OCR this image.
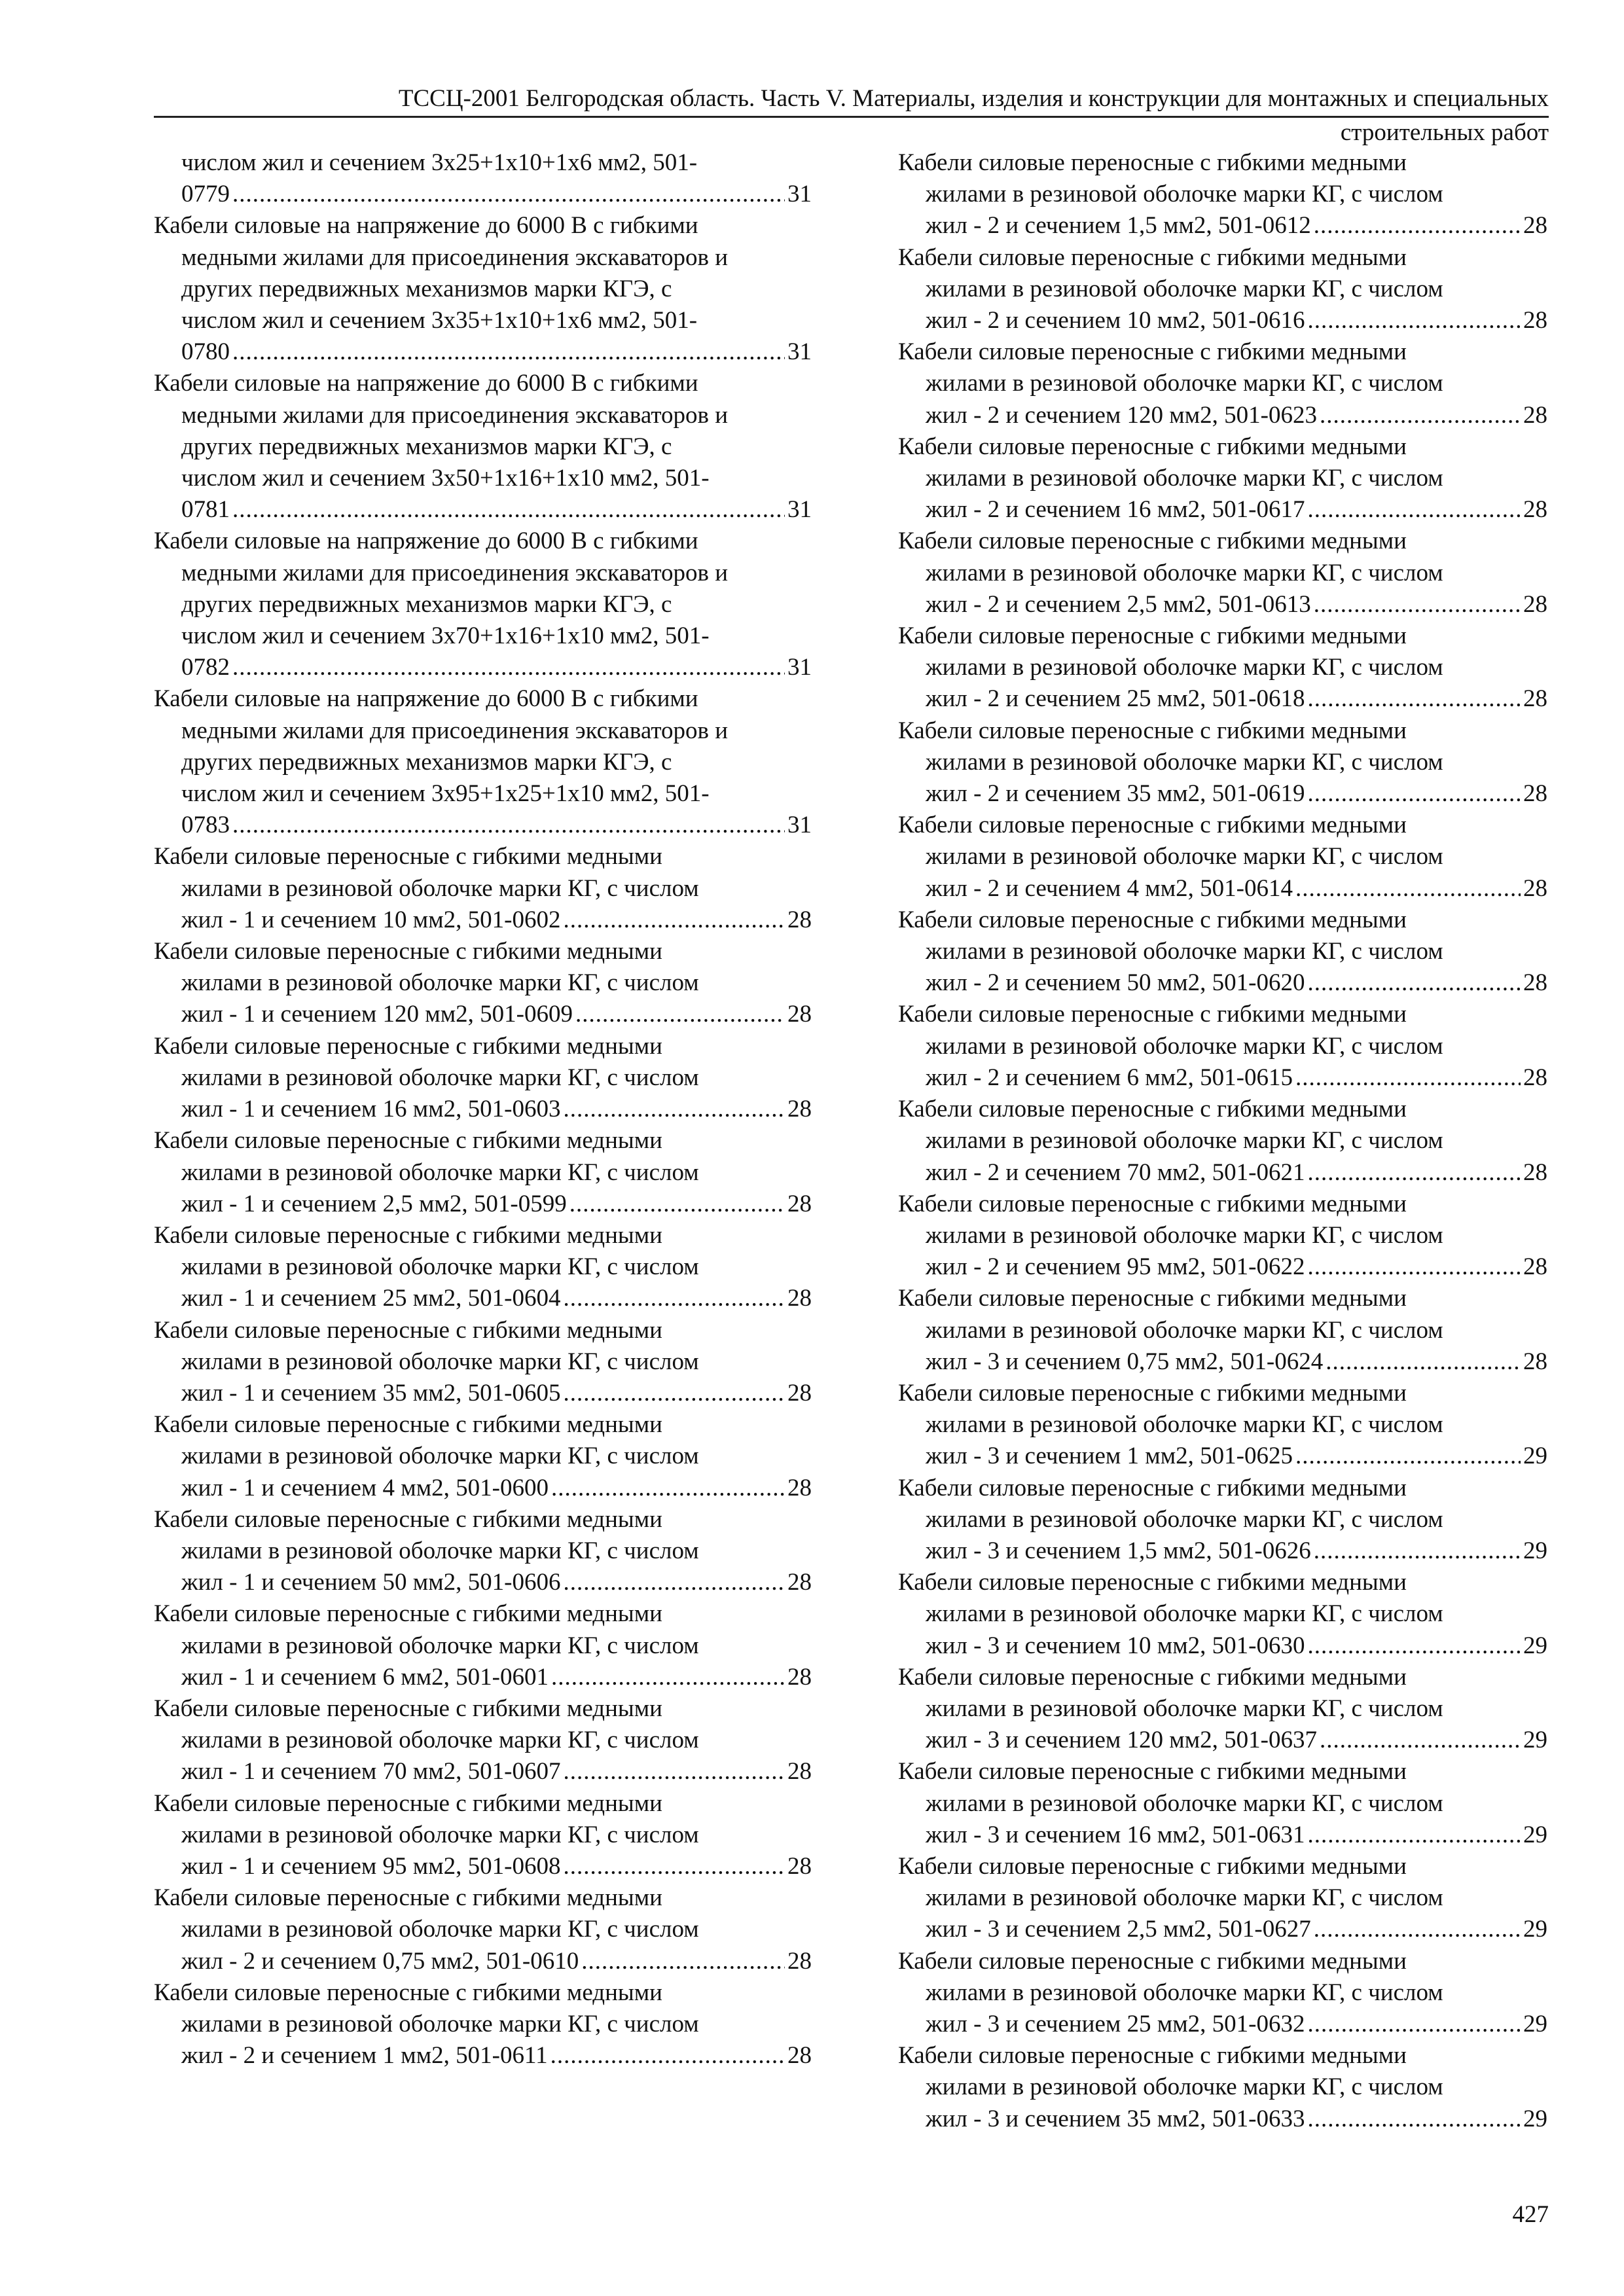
ТССЦ-2001 Белгородская область. Часть V. Материалы, изделия и конструкции для монтажных и специальных
строительных работ
числом жил и сечением 3x25+1x10+1x6 мм2, 501-
0779 .....	31
Кабели силовые на напряжение до 6000 В с гибкими
медными жилами для присоединения экскаваторов и
других передвижных механизмов марки КГЭ, с
числом жил и сечением 3x35+1x10+1x6 мм2, 501-
0780 .....	31
Кабели силовые на напряжение до 6000 В с гибкими
медными жилами для присоединения экскаваторов и
других передвижных механизмов марки КГЭ, с
числом жил и сечением 3x50+1x16+1x10 мм2, 501-
0781 .....	31
Кабели силовые на напряжение до 6000 В с гибкими
медными жилами для присоединения экскаваторов и
других передвижных механизмов марки КГЭ, с
числом жил и сечением 3x70+1x16+1x10 мм2, 501-
0782 .....	31
Кабели силовые на напряжение до 6000 В с гибкими
медными жилами для присоединения экскаваторов и
других передвижных механизмов марки КГЭ, с
числом жил и сечением 3x95+1x25+1x10 мм2, 501-
0783 .....	31
Кабели силовые переносные с гибкими медными
жилами в резиновой оболочке марки КГ, с числом
жил - 1 и сечением 10 мм2, 501-0602 .....	28
Кабели силовые переносные с гибкими медными
жилами в резиновой оболочке марки КГ, с числом
жил - 1 и сечением 120 мм2, 501-0609 .....	28
Кабели силовые переносные с гибкими медными
жилами в резиновой оболочке марки КГ, с числом
жил - 1 и сечением 16 мм2, 501-0603 .....	28
Кабели силовые переносные с гибкими медными
жилами в резиновой оболочке марки КГ, с числом
жил - 1 и сечением 2,5 мм2, 501-0599 .....	28
Кабели силовые переносные с гибкими медными
жилами в резиновой оболочке марки КГ, с числом
жил - 1 и сечением 25 мм2, 501-0604 .....	28
Кабели силовые переносные с гибкими медными
жилами в резиновой оболочке марки КГ, с числом
жил - 1 и сечением 35 мм2, 501-0605 .....	28
Кабели силовые переносные с гибкими медными
жилами в резиновой оболочке марки КГ, с числом
жил - 1 и сечением 4 мм2, 501-0600 .....	28
Кабели силовые переносные с гибкими медными
жилами в резиновой оболочке марки КГ, с числом
жил - 1 и сечением 50 мм2, 501-0606 .....	28
Кабели силовые переносные с гибкими медными
жилами в резиновой оболочке марки КГ, с числом
жил - 1 и сечением 6 мм2, 501-0601 .....	28
Кабели силовые переносные с гибкими медными
жилами в резиновой оболочке марки КГ, с числом
жил - 1 и сечением 70 мм2, 501-0607 .....	28
Кабели силовые переносные с гибкими медными
жилами в резиновой оболочке марки КГ, с числом
жил - 1 и сечением 95 мм2, 501-0608 .....	28
Кабели силовые переносные с гибкими медными
жилами в резиновой оболочке марки КГ, с числом
жил - 2 и сечением 0,75 мм2, 501-0610 .....	28
Кабели силовые переносные с гибкими медными
жилами в резиновой оболочке марки КГ, с числом
жил - 2 и сечением 1 мм2, 501-0611 .....	28
Кабели силовые переносные с гибкими медными
жилами в резиновой оболочке марки КГ, с числом
жил - 2 и сечением 1,5 мм2, 501-0612 .....	28
Кабели силовые переносные с гибкими медными
жилами в резиновой оболочке марки КГ, с числом
жил - 2 и сечением 10 мм2, 501-0616 .....	28
Кабели силовые переносные с гибкими медными
жилами в резиновой оболочке марки КГ, с числом
жил - 2 и сечением 120 мм2, 501-0623 .....	28
Кабели силовые переносные с гибкими медными
жилами в резиновой оболочке марки КГ, с числом
жил - 2 и сечением 16 мм2, 501-0617 .....	28
Кабели силовые переносные с гибкими медными
жилами в резиновой оболочке марки КГ, с числом
жил - 2 и сечением 2,5 мм2, 501-0613 .....	28
Кабели силовые переносные с гибкими медными
жилами в резиновой оболочке марки КГ, с числом
жил - 2 и сечением 25 мм2, 501-0618 .....	28
Кабели силовые переносные с гибкими медными
жилами в резиновой оболочке марки КГ, с числом
жил - 2 и сечением 35 мм2, 501-0619 .....	28
Кабели силовые переносные с гибкими медными
жилами в резиновой оболочке марки КГ, с числом
жил - 2 и сечением 4 мм2, 501-0614 .....	28
Кабели силовые переносные с гибкими медными
жилами в резиновой оболочке марки КГ, с числом
жил - 2 и сечением 50 мм2, 501-0620 .....	28
Кабели силовые переносные с гибкими медными
жилами в резиновой оболочке марки КГ, с числом
жил - 2 и сечением 6 мм2, 501-0615 .....	28
Кабели силовые переносные с гибкими медными
жилами в резиновой оболочке марки КГ, с числом
жил - 2 и сечением 70 мм2, 501-0621 .....	28
Кабели силовые переносные с гибкими медными
жилами в резиновой оболочке марки КГ, с числом
жил - 2 и сечением 95 мм2, 501-0622 .....	28
Кабели силовые переносные с гибкими медными
жилами в резиновой оболочке марки КГ, с числом
жил - 3 и сечением 0,75 мм2, 501-0624 .....	28
Кабели силовые переносные с гибкими медными
жилами в резиновой оболочке марки КГ, с числом
жил - 3 и сечением 1 мм2, 501-0625 .....	29
Кабели силовые переносные с гибкими медными
жилами в резиновой оболочке марки КГ, с числом
жил - 3 и сечением 1,5 мм2, 501-0626 .....	29
Кабели силовые переносные с гибкими медными
жилами в резиновой оболочке марки КГ, с числом
жил - 3 и сечением 10 мм2, 501-0630 .....	29
Кабели силовые переносные с гибкими медными
жилами в резиновой оболочке марки КГ, с числом
жил - 3 и сечением 120 мм2, 501-0637 .....	29
Кабели силовые переносные с гибкими медными
жилами в резиновой оболочке марки КГ, с числом
жил - 3 и сечением 16 мм2, 501-0631 .....	29
Кабели силовые переносные с гибкими медными
жилами в резиновой оболочке марки КГ, с числом
жил - 3 и сечением 2,5 мм2, 501-0627 .....	29
Кабели силовые переносные с гибкими медными
жилами в резиновой оболочке марки КГ, с числом
жил - 3 и сечением 25 мм2, 501-0632 .....	29
Кабели силовые переносные с гибкими медными
жилами в резиновой оболочке марки КГ, с числом
жил - 3 и сечением 35 мм2, 501-0633 .....	29
427
